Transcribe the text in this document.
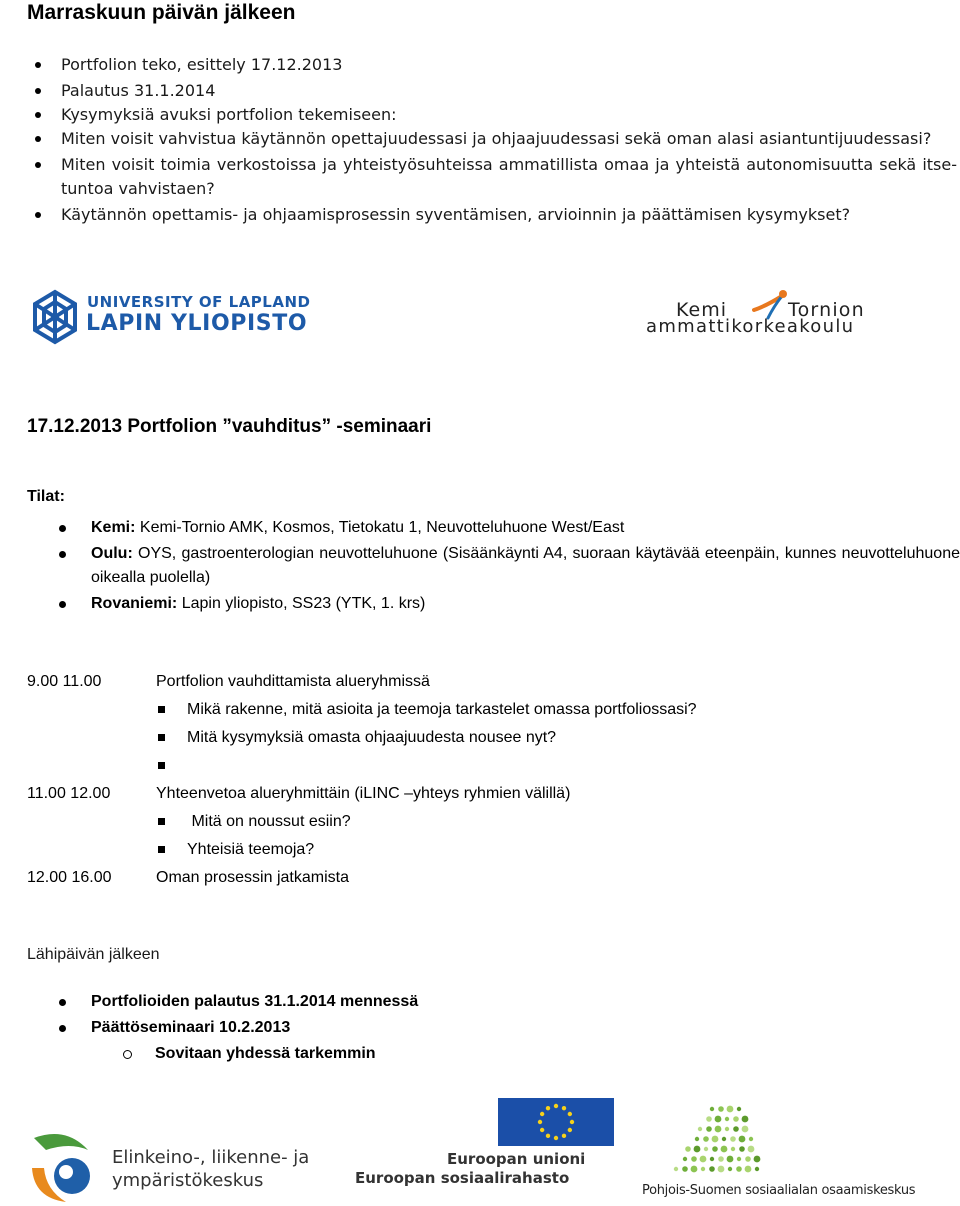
Marraskuun päivän jälkeen
Portfolion teko, esittely 17.12.2013
Palautus 31.1.2014
Kysymyksiä avuksi portfolion tekemiseen:
Miten voisit vahvistua käytännön opettajuudessasi ja ohjaajuudessasi sekä oman alasi asiantuntijuudessasi?
Miten voisit toimia verkostoissa ja yhteistyösuhteissa ammatillista omaa ja yhteistä autonomisuutta sekä itse-tuntoa vahvistaen?
Käytännön opettamis- ja ohjaamisprosessin syventämisen, arvioinnin ja päättämisen kysymykset?
UNIVERSITY OF LAPLAND
LAPIN YLIOPISTO
Kemi	Tornion
ammattikorkeakoulu
17.12.2013 Portfolion ”vauhditus” -seminaari
Tilat:
Kemi: Kemi-Tornio AMK, Kosmos, Tietokatu 1, Neuvotteluhuone West/East
Oulu: OYS, gastroenterologian neuvotteluhuone (Sisäänkäynti A4, suoraan käytävää eteenpäin, kunnes neuvotteluhuone oikealla puolella)
Rovaniemi: Lapin yliopisto, SS23 (YTK, 1. krs)
9.00 11.00	Portfolion vauhdittamista alueryhmissä
Mikä rakenne, mitä asioita ja teemoja tarkastelet omassa portfoliossasi?
Mitä kysymyksiä omasta ohjaajuudesta nousee nyt?
11.00 12.00	Yhteenvetoa alueryhmittäin (iLINC –yhteys ryhmien välillä)
Mitä on noussut esiin?
Yhteisiä teemoja?
12.00 16.00	Oman prosessin jatkamista
Lähipäivän jälkeen
Portfolioiden palautus 31.1.2014 mennessä
Päättöseminaari 10.2.2013
Sovitaan yhdessä tarkemmin
Elinkeino-, liikenne- ja
ympäristökeskus
Euroopan unioni
Euroopan sosiaalirahasto
Pohjois-Suomen sosiaalialan osaamiskeskus
